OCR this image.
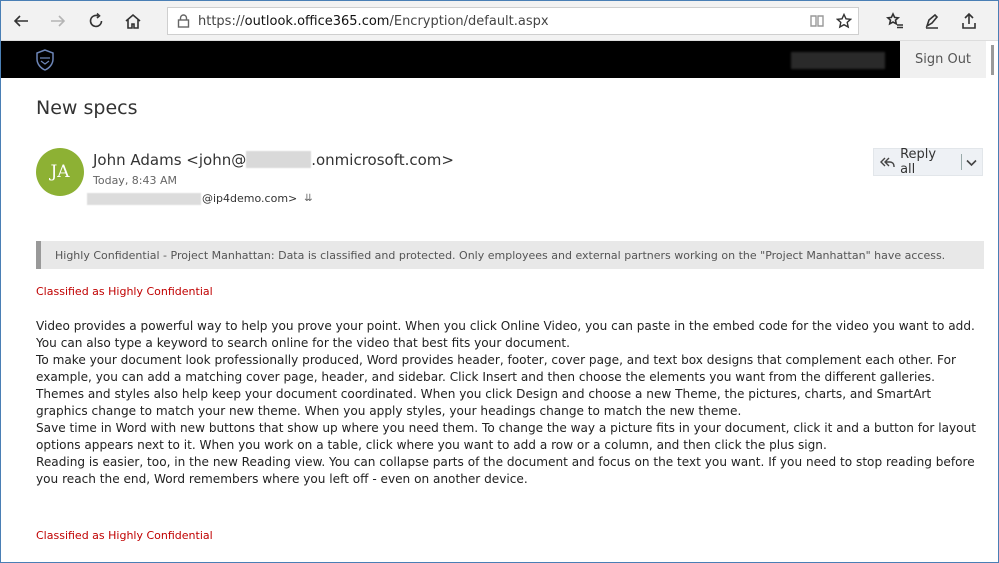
https://outlook.office365.com/Encryption/default.aspx
Sign Out
New specs
JA
John Adams <john@	.onmicrosoft.com>
Today, 8:43 AM
@ip4demo.com> ⇊
Reply all
Highly Confidential - Project Manhattan: Data is classified and protected. Only employees and external partners working on the "Project Manhattan" have access.
Classified as Highly Confidential

Video provides a powerful way to help you prove your point. When you click Online Video, you can paste in the embed code for the video you want to add. You can also type a keyword to search online for the video that best fits your document.

To make your document look professionally produced, Word provides header, footer, cover page, and text box designs that complement each other. For example, you can add a matching cover page, header, and sidebar. Click Insert and then choose the elements you want from the different galleries.

Themes and styles also help keep your document coordinated. When you click Design and choose a new Theme, the pictures, charts, and SmartArt graphics change to match your new theme. When you apply styles, your headings change to match the new theme.

Save time in Word with new buttons that show up where you need them. To change the way a picture fits in your document, click it and a button for layout options appears next to it. When you work on a table, click where you want to add a row or a column, and then click the plus sign.

Reading is easier, too, in the new Reading view. You can collapse parts of the document and focus on the text you want. If you need to stop reading before you reach the end, Word remembers where you left off - even on another device.

Classified as Highly Confidential
